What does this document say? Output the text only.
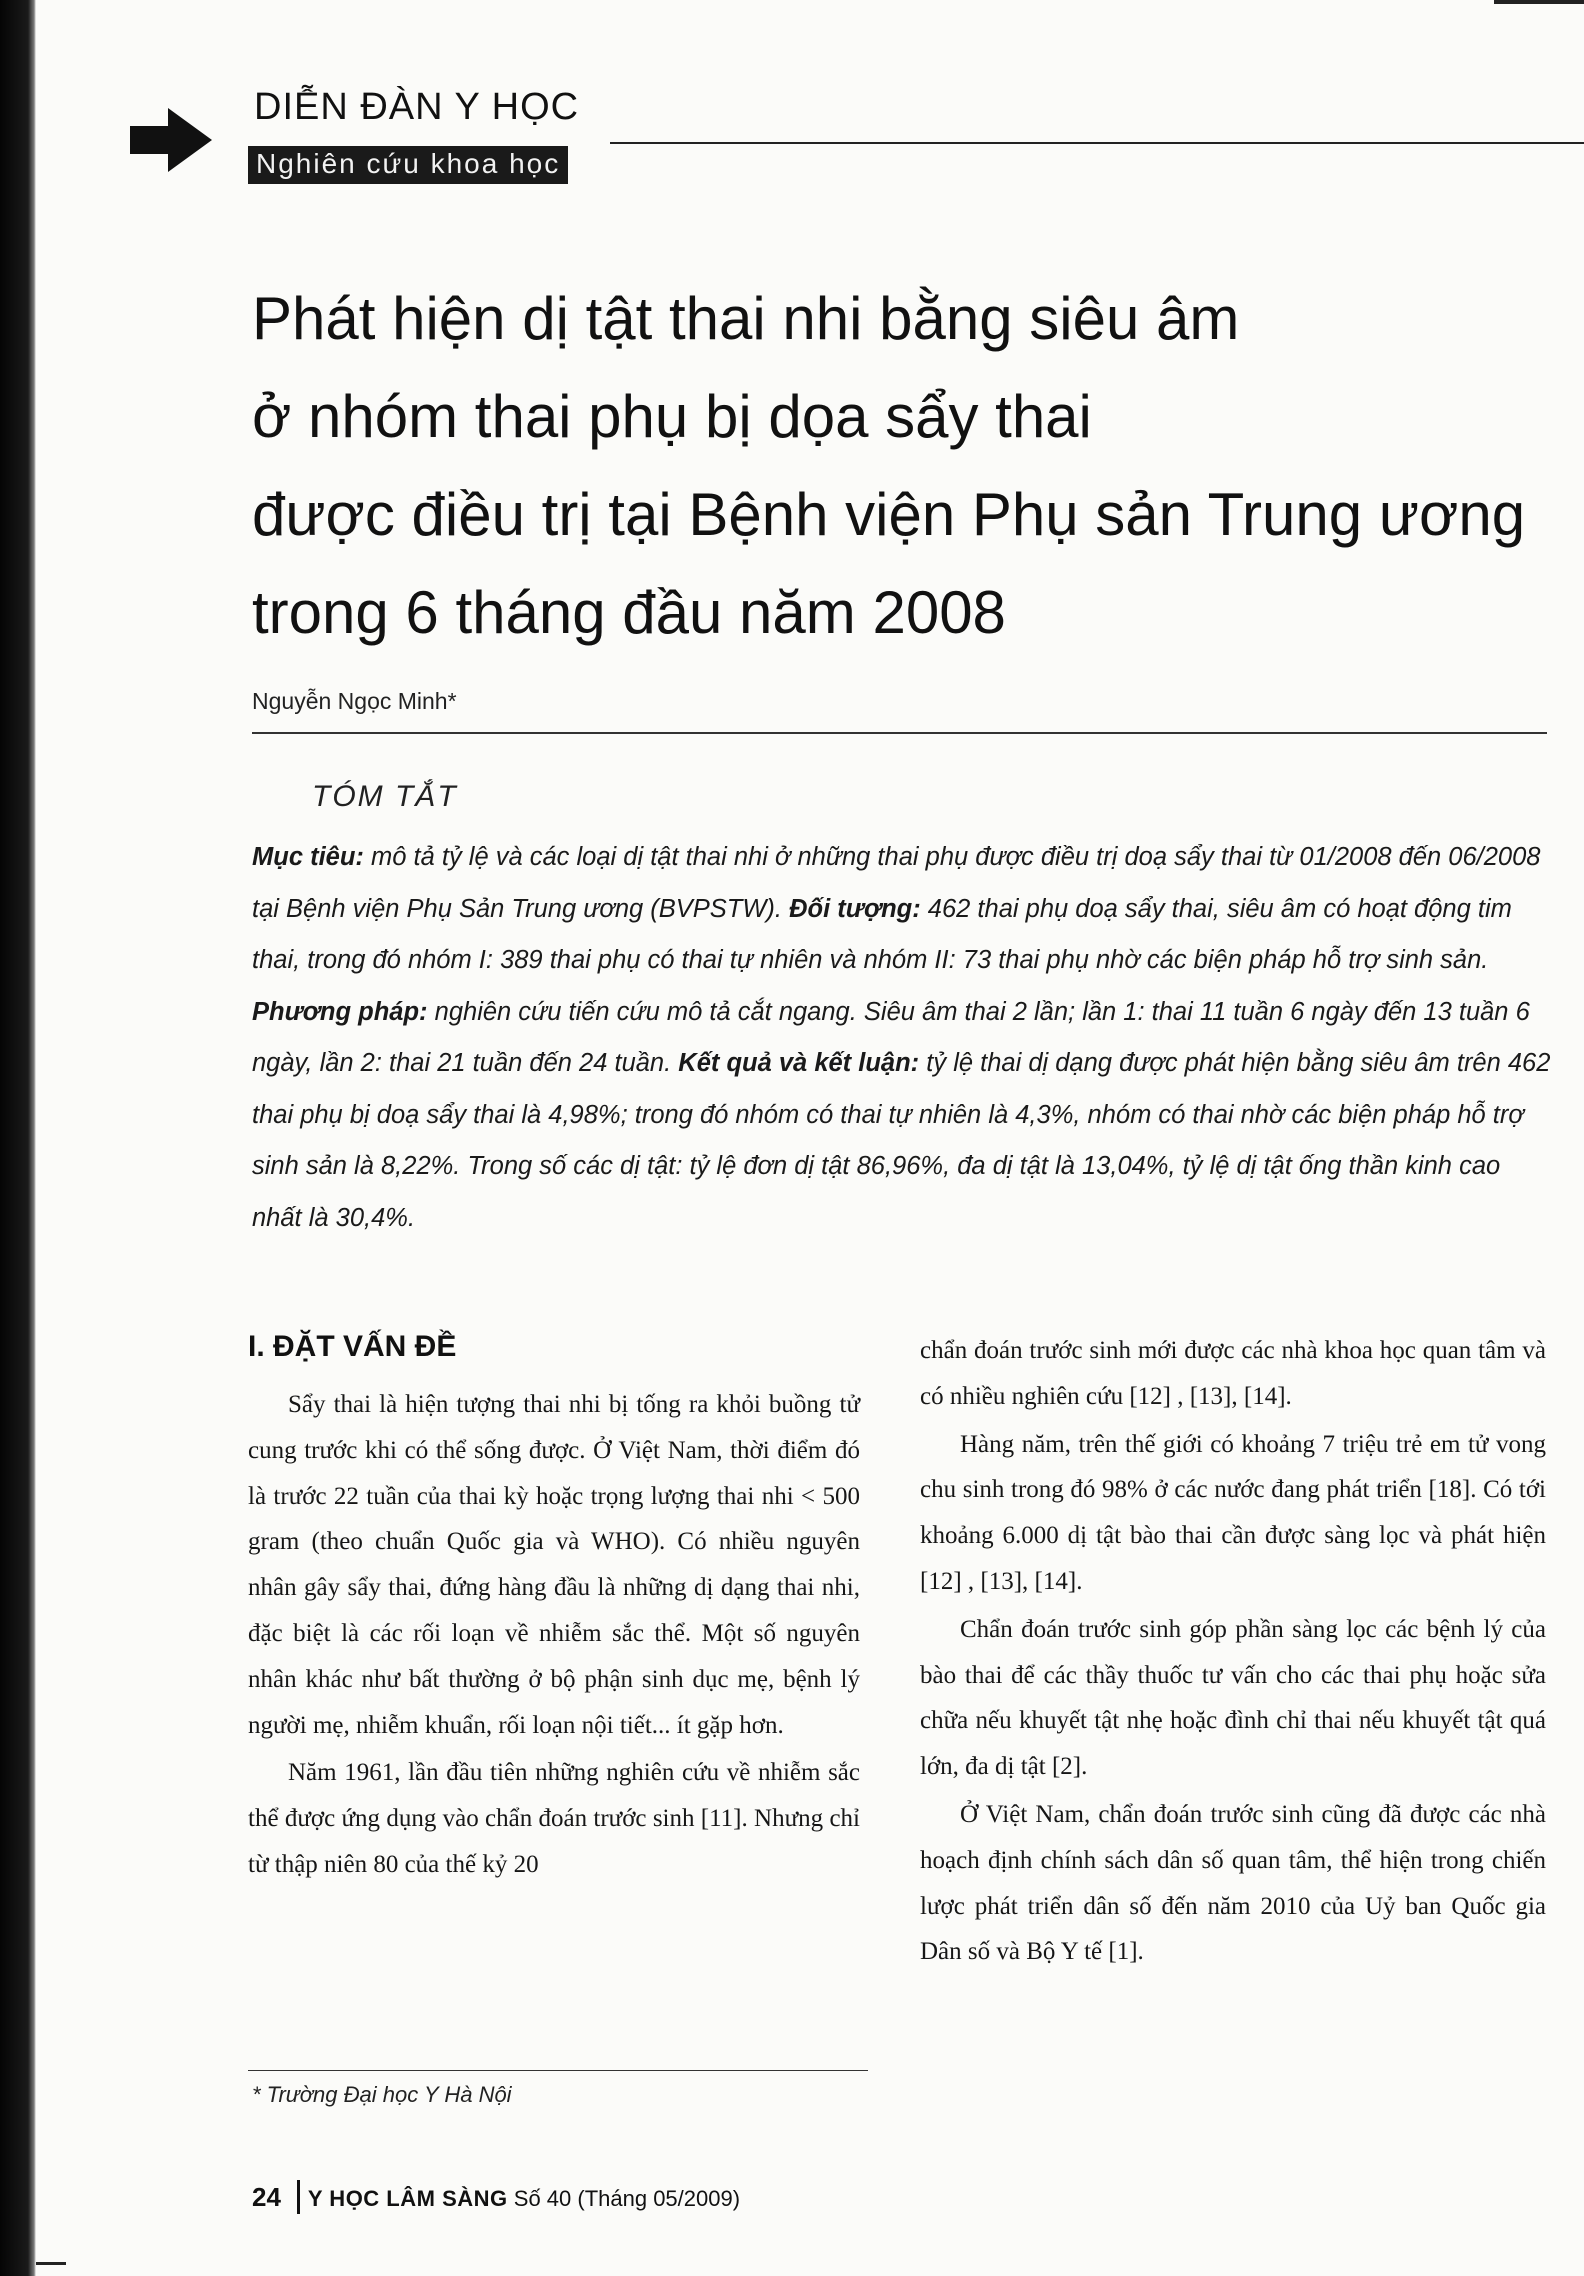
DIỄN ĐÀN Y HỌC
Nghiên cứu khoa học
Phát hiện dị tật thai nhi bằng siêu âm
ở nhóm thai phụ bị dọa sẩy thai
được điều trị tại Bệnh viện Phụ sản Trung ương
trong 6 tháng đầu năm 2008
Nguyễn Ngọc Minh*
TÓM TẮT

Mục tiêu: mô tả tỷ lệ và các loại dị tật thai nhi ở những thai phụ được điều trị doạ sẩy thai từ 01/2008 đến 06/2008 tại Bệnh viện Phụ Sản Trung ương (BVPSTW). Đối tượng: 462 thai phụ doạ sẩy thai, siêu âm có hoạt động tim thai, trong đó nhóm I: 389 thai phụ có thai tự nhiên và nhóm II: 73 thai phụ nhờ các biện pháp hỗ trợ sinh sản. Phương pháp: nghiên cứu tiến cứu mô tả cắt ngang. Siêu âm thai 2 lần; lần 1: thai 11 tuần 6 ngày đến 13 tuần 6 ngày, lần 2: thai 21 tuần đến 24 tuần. Kết quả và kết luận: tỷ lệ thai dị dạng được phát hiện bằng siêu âm trên 462 thai phụ bị doạ sẩy thai là 4,98%; trong đó nhóm có thai tự nhiên là 4,3%, nhóm có thai nhờ các biện pháp hỗ trợ sinh sản là 8,22%. Trong số các dị tật: tỷ lệ đơn dị tật 86,96%, đa dị tật là 13,04%, tỷ lệ dị tật ống thần kinh cao nhất là 30,4%.

I. ĐẶT VẤN ĐỀ

Sẩy thai là hiện tượng thai nhi bị tống ra khỏi buồng tử cung trước khi có thể sống được. Ở Việt Nam, thời điểm đó là trước 22 tuần của thai kỳ hoặc trọng lượng thai nhi < 500 gram (theo chuẩn Quốc gia và WHO). Có nhiều nguyên nhân gây sẩy thai, đứng hàng đầu là những dị dạng thai nhi, đặc biệt là các rối loạn về nhiễm sắc thể. Một số nguyên nhân khác như bất thường ở bộ phận sinh dục mẹ, bệnh lý người mẹ, nhiễm khuẩn, rối loạn nội tiết... ít gặp hơn.

Năm 1961, lần đầu tiên những nghiên cứu về nhiễm sắc thể được ứng dụng vào chẩn đoán trước sinh [11]. Nhưng chỉ từ thập niên 80 của thế kỷ 20

chẩn đoán trước sinh mới được các nhà khoa học quan tâm và có nhiều nghiên cứu [12] , [13], [14].

Hàng năm, trên thế giới có khoảng 7 triệu trẻ em tử vong chu sinh trong đó 98% ở các nước đang phát triển [18]. Có tới khoảng 6.000 dị tật bào thai cần được sàng lọc và phát hiện [12] , [13], [14].

Chẩn đoán trước sinh góp phần sàng lọc các bệnh lý của bào thai để các thầy thuốc tư vấn cho các thai phụ hoặc sửa chữa nếu khuyết tật nhẹ hoặc đình chỉ thai nếu khuyết tật quá lớn, đa dị tật [2].

Ở Việt Nam, chẩn đoán trước sinh cũng đã được các nhà hoạch định chính sách dân số quan tâm, thể hiện trong chiến lược phát triển dân số đến năm 2010 của Uỷ ban Quốc gia Dân số và Bộ Y tế [1].

* Trường Đại học Y Hà Nội
24 Y HỌC LÂM SÀNG Số 40 (Tháng 05/2009)
